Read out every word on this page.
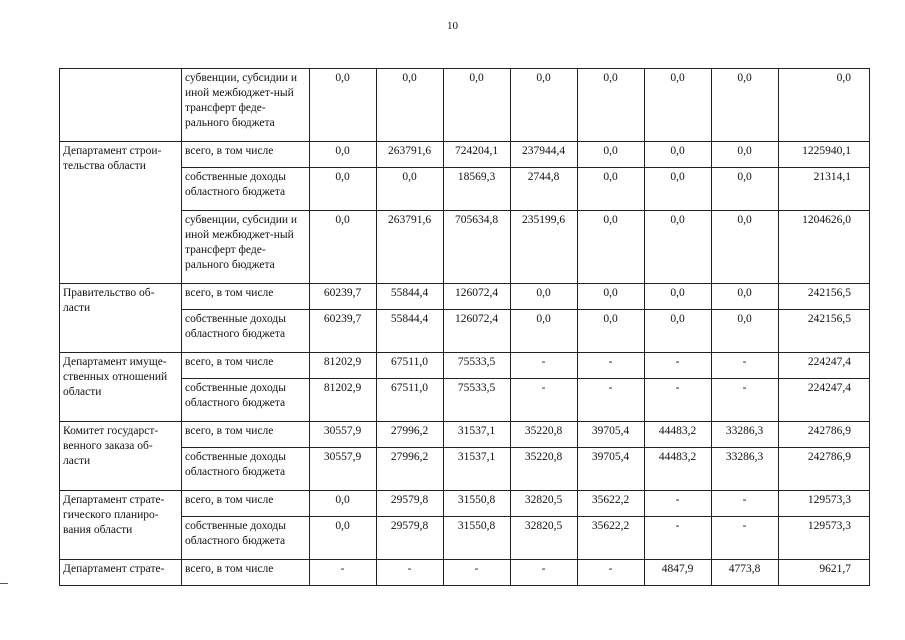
10
	субвенции, субсидии и иной межбюджет-ный трансферт феде-рального бюджета	0,0	0,0	0,0	0,0	0,0	0,0	0,0	0,0
Департамент строи-тельства области	всего, в том числе	0,0	263791,6	724204,1	237944,4	0,0	0,0	0,0	1225940,1
	собственные доходы областного бюджета	0,0	0,0	18569,3	2744,8	0,0	0,0	0,0	21314,1
	субвенции, субсидии и иной межбюджет-ный трансферт феде-рального бюджета	0,0	263791,6	705634,8	235199,6	0,0	0,0	0,0	1204626,0
Правительство об-ласти	всего, в том числе	60239,7	55844,4	126072,4	0,0	0,0	0,0	0,0	242156,5
	собственные доходы областного бюджета	60239,7	55844,4	126072,4	0,0	0,0	0,0	0,0	242156,5
Департамент имуще-ственных отношений области	всего, в том числе	81202,9	67511,0	75533,5	-	-	-	-	224247,4
	собственные доходы областного бюджета	81202,9	67511,0	75533,5	-	-	-	-	224247,4
Комитет государст-венного заказа об-ласти	всего, в том числе	30557,9	27996,2	31537,1	35220,8	39705,4	44483,2	33286,3	242786,9
	собственные доходы областного бюджета	30557,9	27996,2	31537,1	35220,8	39705,4	44483,2	33286,3	242786,9
Департамент страте-гического планиро-вания области	всего, в том числе	0,0	29579,8	31550,8	32820,5	35622,2	-	-	129573,3
	собственные доходы областного бюджета	0,0	29579,8	31550,8	32820,5	35622,2	-	-	129573,3
Департамент страте-	всего, в том числе	-	-	-	-	-	4847,9	4773,8	9621,7
